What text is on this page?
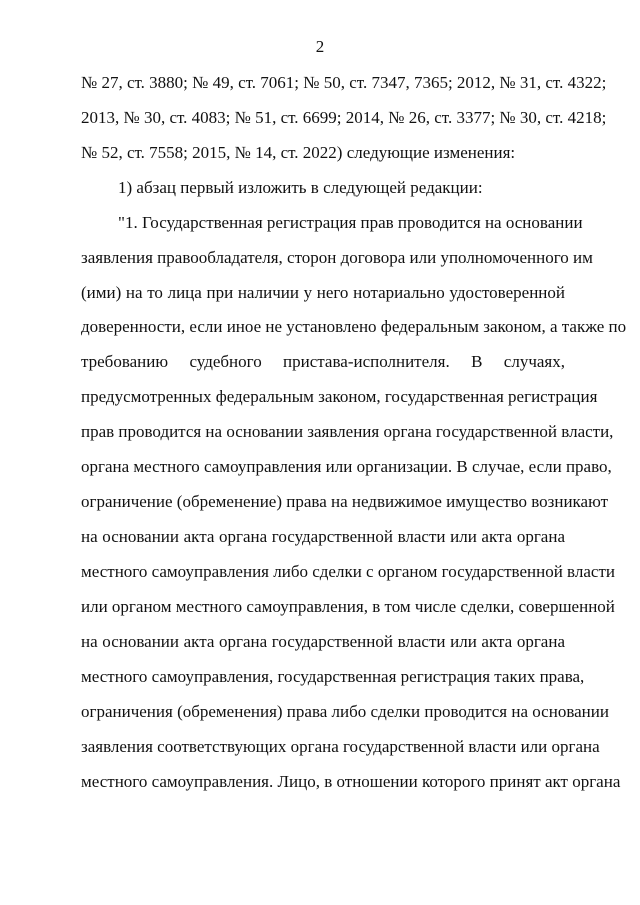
2
№ 27, ст. 3880; № 49, ст. 7061; № 50, ст. 7347, 7365; 2012, № 31, ст. 4322;
2013, № 30, ст. 4083; № 51, ст. 6699; 2014, № 26, ст. 3377; № 30, ст. 4218;
№ 52, ст. 7558; 2015, № 14, ст. 2022) следующие изменения:
1) абзац первый изложить в следующей редакции:
"1. Государственная регистрация прав проводится на основании
заявления правообладателя, сторон договора или уполномоченного им
(ими) на то лица при наличии у него нотариально удостоверенной
доверенности, если иное не установлено федеральным законом, а также по
требованию судебного пристава-исполнителя. В случаях,
предусмотренных федеральным законом, государственная регистрация
прав проводится на основании заявления органа государственной власти,
органа местного самоуправления или организации. В случае, если право,
ограничение (обременение) права на недвижимое имущество возникают
на основании акта органа государственной власти или акта органа
местного самоуправления либо сделки с органом государственной власти
или органом местного самоуправления, в том числе сделки, совершенной
на основании акта органа государственной власти или акта органа
местного самоуправления, государственная регистрация таких права,
ограничения (обременения) права либо сделки проводится на основании
заявления соответствующих органа государственной власти или органа
местного самоуправления. Лицо, в отношении которого принят акт органа
